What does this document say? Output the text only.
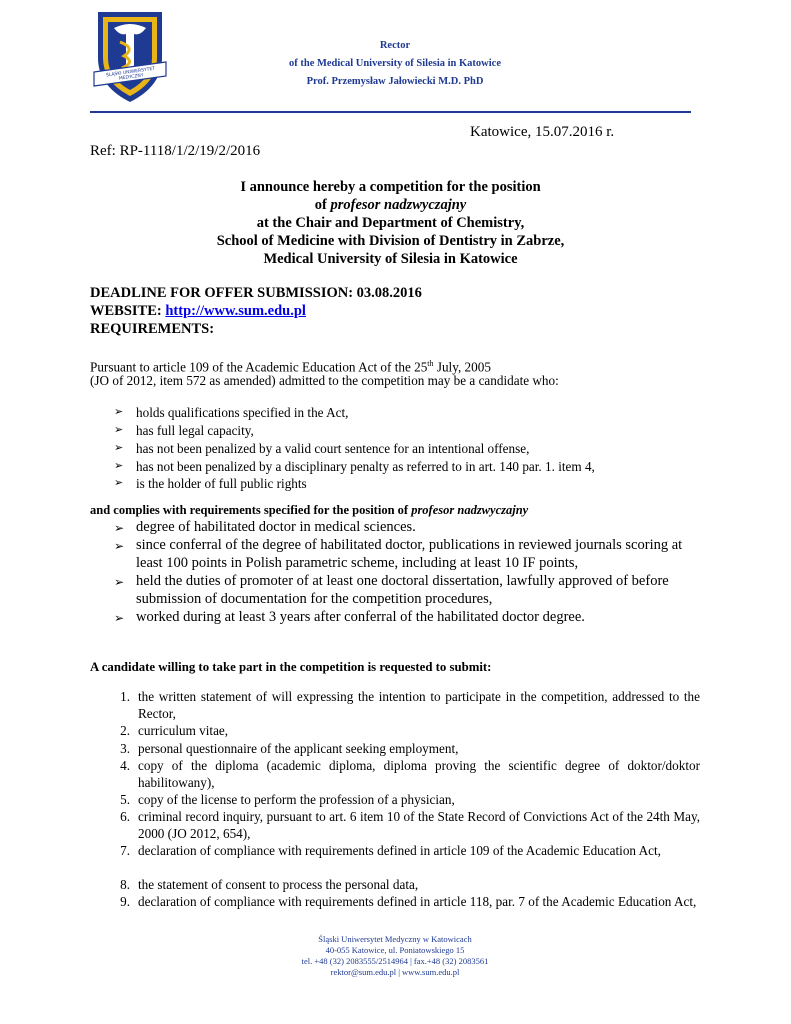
ŚLĄSKI UNIWERSYTET MEDYCZNY
Rector
of the Medical University of Silesia in Katowice
Prof. Przemysław Jałowiecki M.D. PhD
Katowice, 15.07.2016 r.
Ref: RP-1118/1/2/19/2/2016
I announce hereby a competition for the position
of profesor nadzwyczajny
at the Chair and Department of Chemistry,
School of Medicine with Division of Dentistry in Zabrze,
Medical University of Silesia in Katowice
DEADLINE FOR OFFER SUBMISSION: 03.08.2016
WEBSITE: http://www.sum.edu.pl
REQUIREMENTS:
Pursuant to article 109 of the Academic Education Act of the 25th July, 2005
(JO of 2012, item 572 as amended) admitted to the competition may be a candidate who:
➢ holds qualifications specified in the Act,
➢ has full legal capacity,
➢ has not been penalized by a valid court sentence for an intentional offense,
➢ has not been penalized by a disciplinary penalty as referred to in art. 140 par. 1. item 4,
➢ is the holder of full public rights
and complies with requirements specified for the position of profesor nadzwyczajny
➢ degree of habilitated doctor in medical sciences.
➢ since conferral of the degree of habilitated doctor, publications in reviewed journals scoring at least 100 points in Polish parametric scheme, including at least 10 IF points,
➢ held the duties of promoter of at least one doctoral dissertation, lawfully approved of before submission of documentation for the competition procedures,
➢ worked during at least 3 years after conferral of the habilitated doctor degree.
A candidate willing to take part in the competition is requested to submit:
1. the written statement of will expressing the intention to participate in the competition, addressed to the Rector,
2. curriculum vitae,
3. personal questionnaire of the applicant seeking employment,
4. copy of the diploma (academic diploma, diploma proving the scientific degree of doktor/doktor habilitowany),
5. copy of the license to perform the profession of a physician,
6. criminal record inquiry, pursuant to art. 6 item 10 of the State Record of Convictions Act of the 24th May, 2000 (JO 2012, 654),
7. declaration of compliance with requirements defined in article 109 of the Academic Education Act,
8. the statement of consent to process the personal data,
9. declaration of compliance with requirements defined in article 118, par. 7 of the Academic Education Act,
Śląski Uniwersytet Medyczny w Katowicach
40-055 Katowice, ul. Poniatowskiego 15
tel. +48 (32) 2083555/2514964 | fax.+48 (32) 2083561
rektor@sum.edu.pl | www.sum.edu.pl
